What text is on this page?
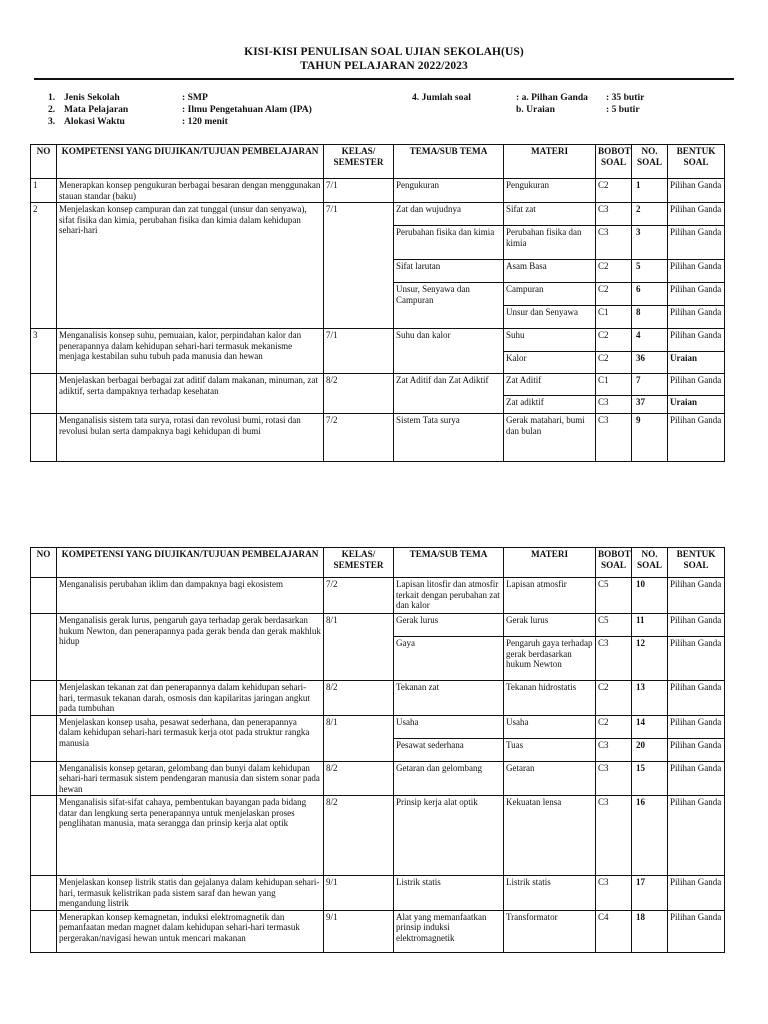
KISI-KISI PENULISAN SOAL UJIAN SEKOLAH(US)
TAHUN PELAJARAN 2022/2023
1. Jenis Sekolah	: SMP
2. Mata Pelajaran	: Ilmu Pengetahuan Alam (IPA)
3. Alokasi Waktu	: 120 menit
4. Jumlah soal	: a. Pilhan Ganda : 35 butir
b. Uraian	: 5 butir
NO	KOMPETENSI YANG DIUJIKAN/TUJUAN PEMBELAJARAN	KELAS/ SEMESTER	TEMA/SUB TEMA	MATERI	BOBOT SOAL	NO. SOAL	BENTUK SOAL
1	Menerapkan konsep pengukuran berbagai besaran dengan menggunakan stauan standar (baku)	7/1	Pengukuran	Pengukuran	C2	1	Pilihan Ganda
2	Menjelaskan konsep campuran dan zat tunggal (unsur dan senyawa), sifat fisika dan kimia, perubahan fisika dan kimia dalam kehidupan sehari-hari	7/1	Zat dan wujudnya	Sifat zat	C3	2	Pilihan Ganda
			Perubahan fisika dan kimia	Perubahan fisika dan kimia	C3	3	Pilihan Ganda
			Sifat larutan	Asam Basa	C2	5	Pilihan Ganda
			Unsur, Senyawa dan Campuran	Campuran	C2	6	Pilihan Ganda
				Unsur dan Senyawa	C1	8	Pilihan Ganda
3	Menganalisis konsep suhu, pemuaian, kalor, perpindahan kalor dan penerapannya dalam kehidupan sehari-hari termasuk mekanisme menjaga kestabilan suhu tubuh pada manusia dan hewan	7/1	Suhu dan kalor	Suhu	C2	4	Pilihan Ganda
				Kalor	C2	36	Uraian
	Menjelaskan berbagai berbagai zat aditif dalam makanan, minuman, zat adiktif, serta dampaknya terhadap kesehatan	8/2	Zat Aditif dan Zat Adiktif	Zat Aditif	C1	7	Pilihan Ganda
				Zat adiktif	C3	37	Uraian
	Menganalisis sistem tata surya, rotasi dan revolusi bumi, rotasi dan revolusi bulan serta dampaknya bagi kehidupan di bumi	7/2	Sistem Tata surya	Gerak matahari, bumi dan bulan	C3	9	Pilihan Ganda
NO	KOMPETENSI YANG DIUJIKAN/TUJUAN PEMBELAJARAN	KELAS/ SEMESTER	TEMA/SUB TEMA	MATERI	BOBOT SOAL	NO. SOAL	BENTUK SOAL
	Menganalisis perubahan iklim dan dampaknya bagi ekosistem	7/2	Lapisan litosfir dan atmosfir terkait dengan perubahan zat dan kalor	Lapisan atmosfir	C5	10	Pilihan Ganda
	Menganalisis gerak lurus, pengaruh gaya terhadap gerak berdasarkan hukum Newton, dan penerapannya pada gerak benda dan gerak makhluk hidup	8/1	Gerak lurus	Gerak lurus	C5	11	Pilihan Ganda
			Gaya	Pengaruh gaya terhadap gerak berdasarkan hukum Newton	C3	12	Pilihan Ganda
	Menjelaskan tekanan zat dan penerapannya dalam kehidupan sehari-hari, termasuk tekanan darah, osmosis dan kapilaritas jaringan angkut pada tumbuhan	8/2	Tekanan zat	Tekanan hidrostatis	C2	13	Pilihan Ganda
	Menjelaskan konsep usaha, pesawat sederhana, dan penerapannya dalam kehidupan sehari-hari termasuk kerja otot pada struktur rangka manusia	8/1	Usaha	Usaha	C2	14	Pilihan Ganda
			Pesawat sederhana	Tuas	C3	20	Pilihan Ganda
	Menganalisis konsep getaran, gelombang dan bunyi dalam kehidupan sehari-hari termasuk sistem pendengaran manusia dan sistem sonar pada hewan	8/2	Getaran dan gelombang	Getaran	C3	15	Pilihan Ganda
	Menganalisis sifat-sifat cahaya, pembentukan bayangan pada bidang datar dan lengkung serta penerapannya untuk menjelaskan proses penglihatan manusia, mata serangga dan prinsip kerja alat optik	8/2	Prinsip kerja alat optik	Kekuatan lensa	C3	16	Pilihan Ganda
	Menjelaskan konsep listrik statis dan gejalanya dalam kehidupan sehari-hari, termasuk kelistrikan pada sistem saraf dan hewan yang mengandung listrik	9/1	Listrik statis	Listrik statis	C3	17	Pilihan Ganda
	Menerapkan konsep kemagnetan, induksi elektromagnetik dan pemanfaatan medan magnet dalam kehidupan sehari-hari termasuk pergerakan/navigasi hewan untuk mencari makanan	9/1	Alat yang memanfaatkan prinsip induksi elektromagnetik	Transformator	C4	18	Pilihan Ganda
